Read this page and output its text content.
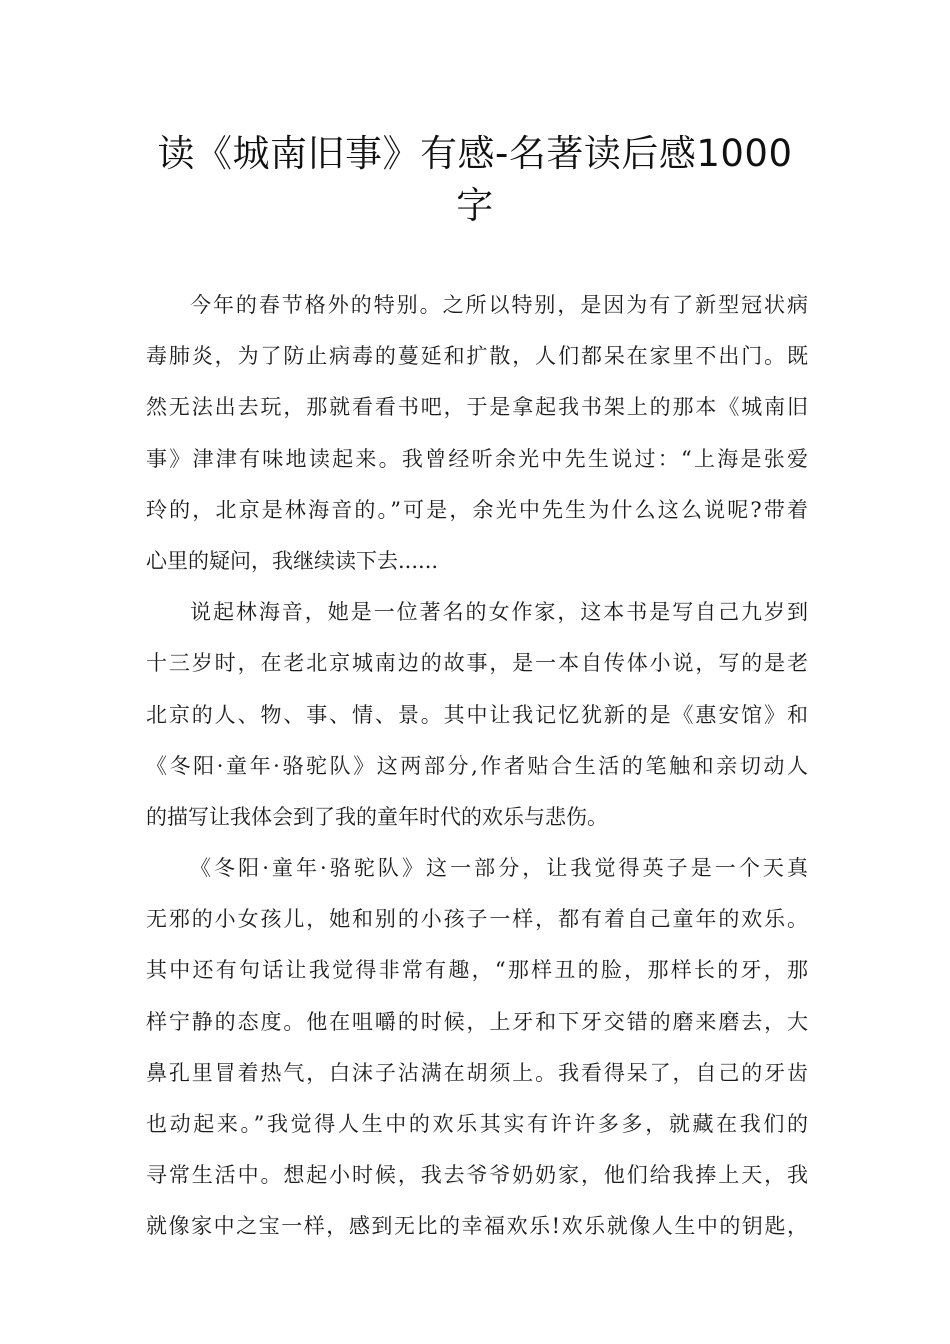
读《城南旧事》有感-名著读后感1000
字
今年的春节格外的特别。之所以特别，是因为有了新型冠状病
毒肺炎，为了防止病毒的蔓延和扩散，人们都呆在家里不出门。既
然无法出去玩，那就看看书吧，于是拿起我书架上的那本《城南旧
事》津津有味地读起来。我曾经听余光中先生说过：“上海是张爱
玲的，北京是林海音的。”可是，余光中先生为什么这么说呢?带着
心里的疑问，我继续读下去......
说起林海音，她是一位著名的女作家，这本书是写自己九岁到
十三岁时，在老北京城南边的故事，是一本自传体小说，写的是老
北京的人、物、事、情、景。其中让我记忆犹新的是《惠安馆》和
《冬阳·童年·骆驼队》这两部分,作者贴合生活的笔触和亲切动人
的描写让我体会到了我的童年时代的欢乐与悲伤。
《冬阳·童年·骆驼队》这一部分，让我觉得英子是一个天真
无邪的小女孩儿，她和别的小孩子一样，都有着自己童年的欢乐。
其中还有句话让我觉得非常有趣，“那样丑的脸，那样长的牙，那
样宁静的态度。他在咀嚼的时候，上牙和下牙交错的磨来磨去，大
鼻孔里冒着热气，白沫子沾满在胡须上。我看得呆了，自己的牙齿
也动起来。”我觉得人生中的欢乐其实有许许多多，就藏在我们的
寻常生活中。想起小时候，我去爷爷奶奶家，他们给我捧上天，我
就像家中之宝一样，感到无比的幸福欢乐!欢乐就像人生中的钥匙，
